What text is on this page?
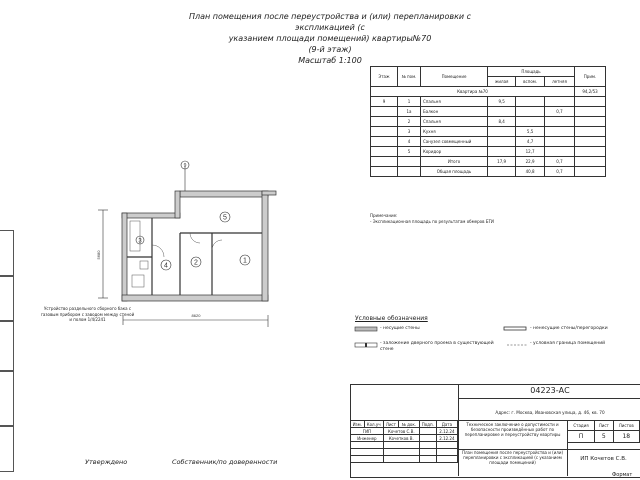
План помещения после переустройства и (или) перепланировки с экспликацией (с
указанием площади помещений) квартиры№70
(9-й этаж)
Масштаб 1:100
Этаж	№ пом.	Помещение	Площадь			Прим.
			жилая	вспом.	летняя	
Квартира №70						94,2/53
9	1	Спальня	9,5			
	1а	Балкон			0,7	
	2	Спальня	8,4			
	3	Кухня		5,5		
	4	Санузел совмещенный		4,7		
	5	Коридор		12,7		
		Итого	17,9	22,9	0,7	
		Общая площадь		40,8	0,7	
Примечание:
- Экспликационная площадь по результатам обмеров БТИ
5
1
2
4
3
9
8620
5680
Устройство раздельного сборного бака с газовым прибором с заводом между стеной и полом 1/4/2241	Условные обозначения
- несущие стены	- ненесущие стены/перегородки
- заложение дверного проема в существующей стене
- условная граница помещений
04223-АС
Адрес: г. Москва, Ивановская улица, д. 46, кв. 70
Техническое заключение о допустимости и безопасности произведённых работ по перепланировке и переустройству квартиры
План помещения после переустройства и (или) перепланировки с экспликацией (с указанием площади помещений)
Стадия	Лист	Листов
П	5	18
ИП Кочетов С.В.
Изм.	Кол.уч	Лист	№ док.	Подп.	Дата
ГИП		Кочетов С.В.			2.12.24
Инженер		Кочетков В.			2.12.24

Утверждено	Собственник/по доверенности
Формат
